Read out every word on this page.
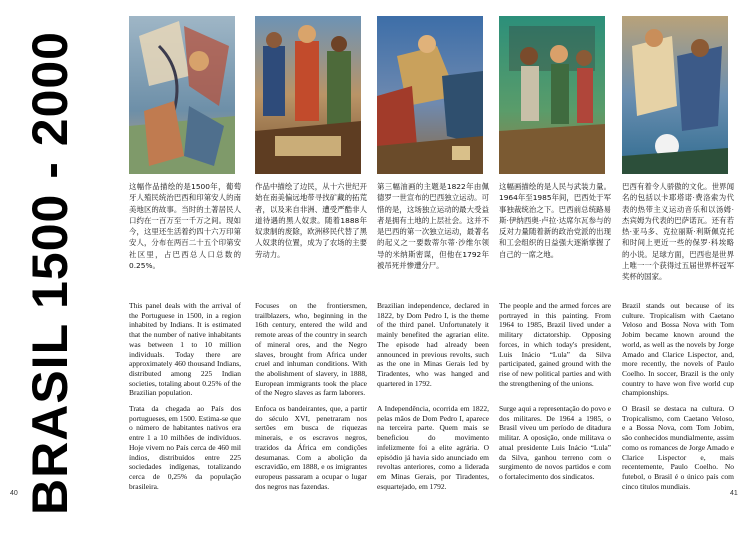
BRASIL 1500 - 2000	这幅作品描绘的是1500年，葡萄牙人殖民统治巴西和印第安人的南美地区的故事。当时的土著居民人口约在一百万至一千万之间。现如今，这里还生活着约四十六万印第安人，分布在两百二十五个印第安社区里，占巴西总人口总数的0.25%。
作品中描绘了边民，从十六世纪开始在南美偏远地带寻找矿藏的拓荒者，以及来自非洲、遭受严酷非人道待遇的黑人奴隶。随着1888年奴隶制的废除，欧洲移民代替了黑人奴隶的位置，成为了农场的主要劳动力。
第三幅油画的主题是1822年由佩德罗一世宣布的巴西独立运动。可惜的是，这场独立运动的最大受益者是拥有土地的上层社会。这并不是巴西的第一次独立运动，最著名的起义之一要数蒂尔蒂·沙维尔领导的米纳斯密谋，但他在1792年被吊死并惨遭分尸。
这幅画描绘的是人民与武装力量。1964年至1985年间，巴西处于军事独裁统治之下。巴西前总统路易斯·伊纳西奥·卢拉·达席尔瓦参与的反对力量随着新的政治党派的出现和工会组织的日益强大逐渐掌握了自己的一席之地。
巴西有着令人骄傲的文化。世界闻名的包括以卡耶塔诺·费洛索为代表的热带主义运动音乐和以汤姆·杰宾姆为代表的巴萨诺瓦。还有若热·亚马多、克拉丽斯·利斯佩克托和时间上更近一些的保罗·科埃略的小说。足球方面，巴西也是世界上唯一一个获得过五届世界杯冠军奖杯的国家。
This panel deals with the arrival of the Portuguese in 1500, in a region inhabited by Indians. It is estimated that the number of native inhabitants was between 1 to 10 million individuals. Today there are approximately 460 thousand Indians, distributed among 225 Indian societies, totaling about 0.25% of the Brazilian population.
Focuses on the frontiersmen, trailblazers, who, beginning in the 16th century, entered the wild and remote areas of the country in search of mineral ores, and the Negro slaves, brought from Africa under cruel and inhuman conditions. With the abolishment of slavery, in 1888, European immigrants took the place of the Negro slaves as farm laborers.
Brazilian independence, declared in 1822, by Dom Pedro I, is the theme of the third panel. Unfortunately it mainly benefited the agrarian elite. The episode had already been announced in previous revolts, such as the one in Minas Gerais led by Tiradentes, who was hanged and quartered in 1792.
The people and the armed forces are portrayed in this painting. From 1964 to 1985, Brazil lived under a military dictatorship. Opposing forces, in which today's president, Luis Inácio “Lula” da Silva participated, gained ground with the rise of new political parties and with the strengthening of the unions.
Brazil stands out because of its culture. Tropicalism with Caetano Veloso and Bossa Nova with Tom Jobim became known around the world, as well as the novels by Jorge Amado and Clarice Lispector, and, more recently, the novels of Paulo Coelho. In soccer, Brazil is the only country to have won five world cup championships.
Trata da chegada ao País dos portugueses, em 1500. Estima-se que o número de habitantes nativos era entre 1 a 10 milhões de indivíduos. Hoje vivem no País cerca de 460 mil índios, distribuídos entre 225 sociedades indígenas, totalizando cerca de 0,25% da população brasileira.
Enfoca os bandeirantes, que, a partir do século XVI, penetraram nos sertões em busca de riquezas minerais, e os escravos negros, trazidos da África em condições desumanas. Com a abolição da escravidão, em 1888, e os imigrantes europeus passaram a ocupar o lugar dos negros nas fazendas.
A Independência, ocorrida em 1822, pelas mãos de Dom Pedro I, aparece na terceira parte. Quem mais se beneficiou do movimento infelizmente foi a elite agrária. O episódio já havia sido anunciado em revoltas anteriores, como a liderada em Minas Gerais, por Tiradentes, esquartejado, em 1792.
Surge aqui a representação do povo e dos militares. De 1964 a 1985, o Brasil viveu um período de ditadura militar. A oposição, onde militava o atual presidente Luis Inácio “Lula” da Silva, ganhou terreno com o surgimento de novos partidos e com o fortalecimento dos sindicatos.
O Brasil se destaca na cultura. O Tropicalismo, com Caetano Veloso, e a Bossa Nova, com Tom Jobim, são conhecidos mundialmente, assim como os romances de Jorge Amado e Clarice Lispector e, mais recentemente, Paulo Coelho. No futebol, o Brasil é o único país com cinco títulos mundiais.
40	41
